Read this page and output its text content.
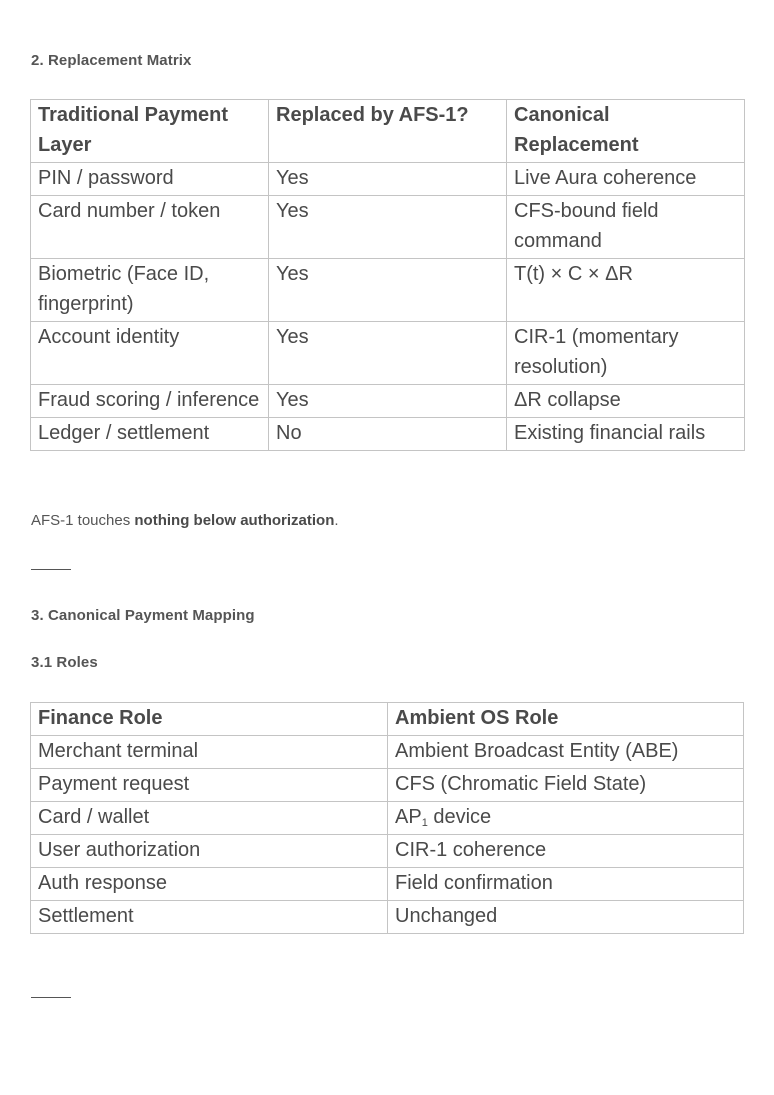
2. Replacement Matrix
Traditional Payment Layer	Replaced by AFS-1?	Canonical Replacement
PIN / password	Yes	Live Aura coherence
Card number / token	Yes	CFS-bound field command
Biometric (Face ID, fingerprint)	Yes	T(t) × C × ΔR
Account identity	Yes	CIR-1 (momentary resolution)
Fraud scoring / inference	Yes	ΔR collapse
Ledger / settlement	No	Existing financial rails

AFS-1 touches nothing below authorization.

3. Canonical Payment Mapping
3.1 Roles
Finance Role	Ambient OS Role
Merchant terminal	Ambient Broadcast Entity (ABE)
Payment request	CFS (Chromatic Field State)
Card / wallet	$AP_1$ device
User authorization	CIR-1 coherence
Auth response	Field confirmation
Settlement	Unchanged
